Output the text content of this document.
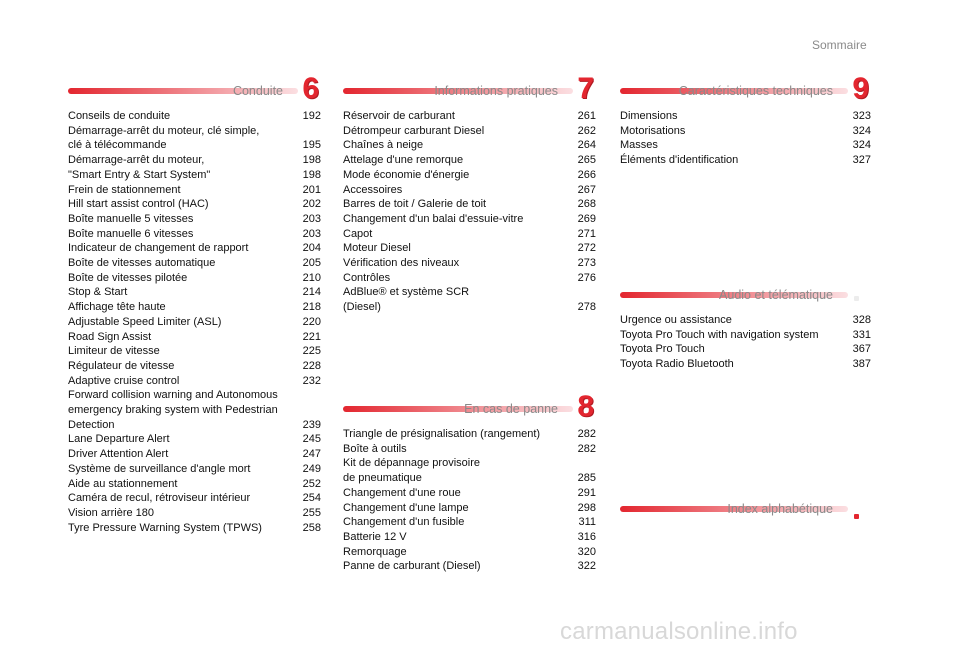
Sommaire
Conduite 6
Conseils de conduite	192
Démarrage-arrêt du moteur, clé simple,
clé à télécommande	195
Démarrage-arrêt du moteur,	198
"Smart Entry & Start System"	198
Frein de stationnement	201
Hill start assist control (HAC)	202
Boîte manuelle 5 vitesses	203
Boîte manuelle 6 vitesses	203
Indicateur de changement de rapport	204
Boîte de vitesses automatique	205
Boîte de vitesses pilotée	210
Stop & Start	214
Affichage tête haute	218
Adjustable Speed Limiter (ASL)	220
Road Sign Assist	221
Limiteur de vitesse	225
Régulateur de vitesse	228
Adaptive cruise control	232
Forward collision warning and Autonomous
emergency braking system with Pedestrian
Detection	239
Lane Departure Alert	245
Driver Attention Alert	247
Système de surveillance d'angle mort	249
Aide au stationnement	252
Caméra de recul, rétroviseur intérieur	254
Vision arrière 180	255
Tyre Pressure Warning System (TPWS)	258
Informations pratiques 7
Réservoir de carburant	261
Détrompeur carburant Diesel	262
Chaînes à neige	264
Attelage d'une remorque	265
Mode économie d'énergie	266
Accessoires	267
Barres de toit / Galerie de toit	268
Changement d'un balai d'essuie-vitre	269
Capot	271
Moteur Diesel	272
Vérification des niveaux	273
Contrôles	276
AdBlue® et système SCR
(Diesel)	278
En cas de panne 8
Triangle de présignalisation (rangement)	282
Boîte à outils	282
Kit de dépannage provisoire
de pneumatique	285
Changement d'une roue	291
Changement d'une lampe	298
Changement d'un fusible	311
Batterie 12 V	316
Remorquage	320
Panne de carburant (Diesel)	322
Caractéristiques techniques 9
Dimensions	323
Motorisations	324
Masses	324
Éléments d'identification	327
Audio et télématique
Urgence ou assistance	328
Toyota Pro Touch with navigation system	331
Toyota Pro Touch	367
Toyota Radio Bluetooth	387
Index alphabétique
carmanualsonline.info
